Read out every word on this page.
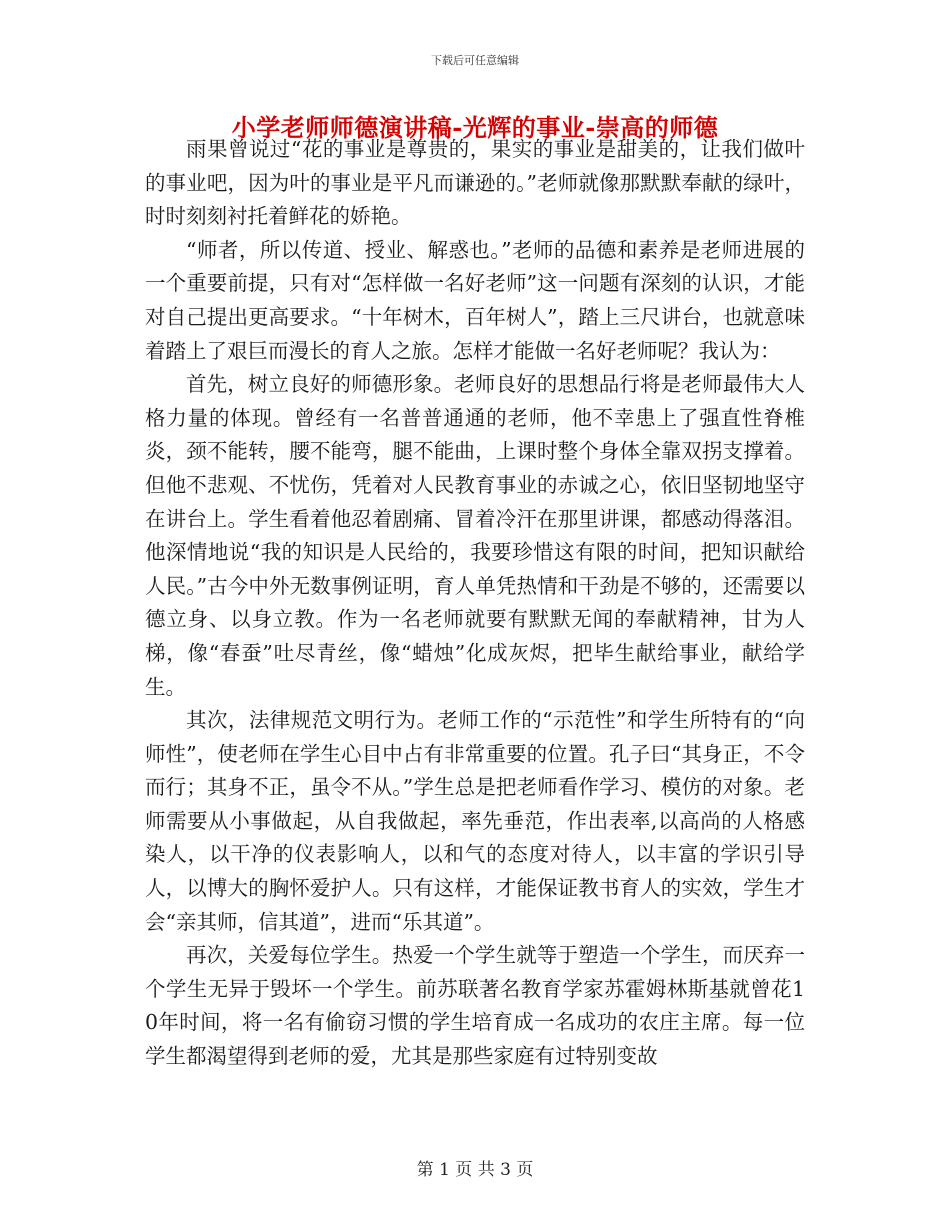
下载后可任意编辑
小学老师师德演讲稿-光辉的事业-崇高的师德

雨果曾说过“花的事业是尊贵的，果实的事业是甜美的，让我们做叶的事业吧，因为叶的事业是平凡而谦逊的。”老师就像那默默奉献的绿叶，时时刻刻衬托着鲜花的娇艳。

“师者，所以传道、授业、解惑也。”老师的品德和素养是老师进展的一个重要前提，只有对“怎样做一名好老师”这一问题有深刻的认识，才能对自己提出更高要求。“十年树木，百年树人”，踏上三尺讲台，也就意味着踏上了艰巨而漫长的育人之旅。怎样才能做一名好老师呢？我认为：

首先，树立良好的师德形象。老师良好的思想品行将是老师最伟大人格力量的体现。曾经有一名普普通通的老师，他不幸患上了强直性脊椎炎，颈不能转，腰不能弯，腿不能曲，上课时整个身体全靠双拐支撑着。但他不悲观、不忧伤，凭着对人民教育事业的赤诚之心，依旧坚韧地坚守在讲台上。学生看着他忍着剧痛、冒着冷汗在那里讲课，都感动得落泪。他深情地说“我的知识是人民给的，我要珍惜这有限的时间，把知识献给人民。”古今中外无数事例证明，育人单凭热情和干劲是不够的，还需要以德立身、以身立教。作为一名老师就要有默默无闻的奉献精神，甘为人梯，像“春蚕”吐尽青丝，像“蜡烛”化成灰烬，把毕生献给事业，献给学生。

其次，法律规范文明行为。老师工作的“示范性”和学生所特有的“向师性”，使老师在学生心目中占有非常重要的位置。孔子曰“其身正，不令而行；其身不正，虽令不从。”学生总是把老师看作学习、模仿的对象。老师需要从小事做起，从自我做起，率先垂范，作出表率,以高尚的人格感染人，以干净的仪表影响人，以和气的态度对待人，以丰富的学识引导人，以博大的胸怀爱护人。只有这样，才能保证教书育人的实效，学生才会“亲其师，信其道”，进而“乐其道”。

再次，关爱每位学生。热爱一个学生就等于塑造一个学生，而厌弃一个学生无异于毁坏一个学生。前苏联著名教育学家苏霍姆林斯基就曾花10年时间，将一名有偷窃习惯的学生培育成一名成功的农庄主席。每一位学生都渴望得到老师的爱，尤其是那些家庭有过特别变故

第 1 页 共 3 页
